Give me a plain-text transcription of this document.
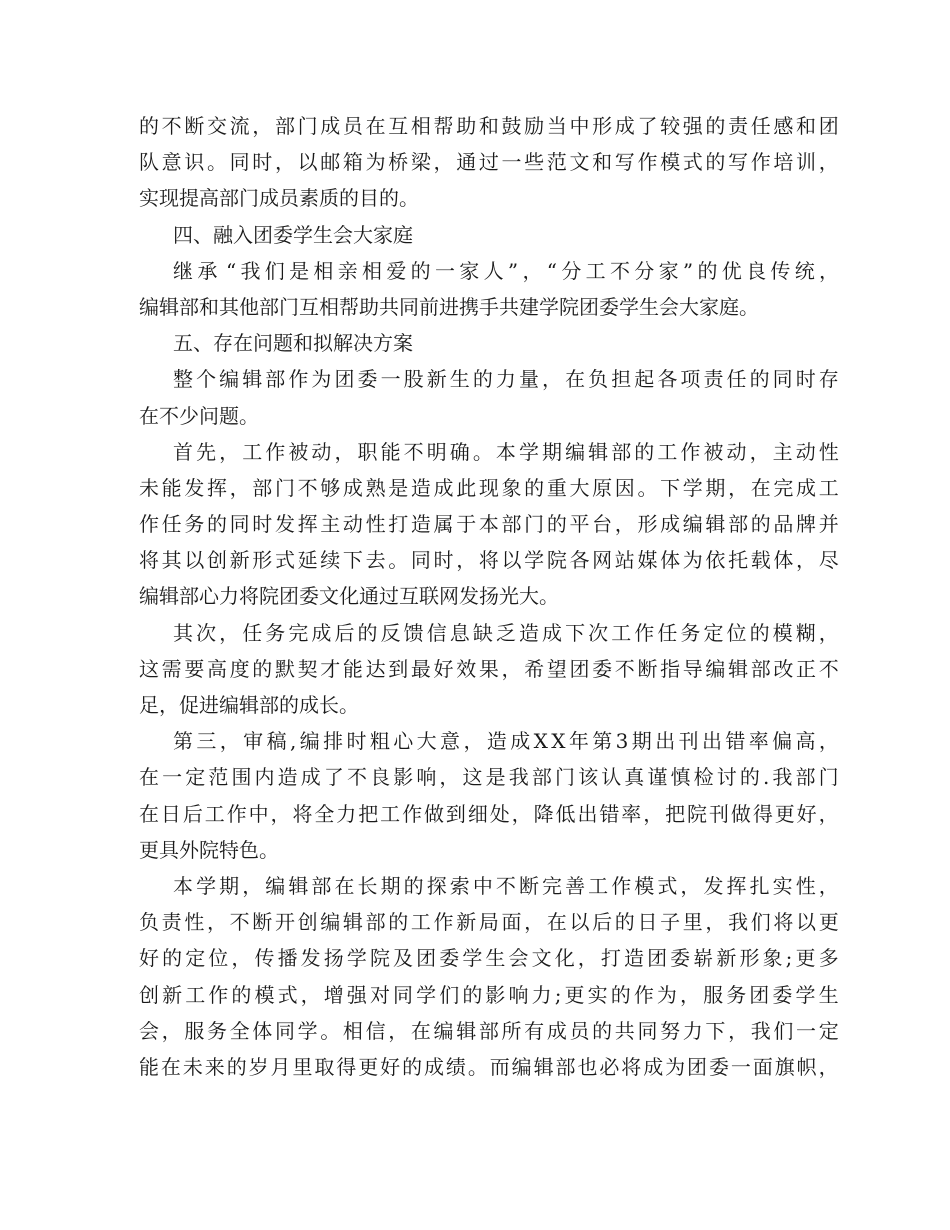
的 不 断 交 流 ， 部 门 成 员 在 互 相 帮 助 和 鼓 励 当 中 形 成 了 较 强 的 责 任 感 和 团
队 意 识 。 同 时 ， 以 邮 箱 为 桥 梁 ， 通 过 一 些 范 文 和 写 作 模 式 的 写 作 培 训 ，
实现提高部门成员素质的目的。
四、融入团委学生会大家庭
继 承 “ 我 们 是 相 亲 相 爱 的 一 家 人 ” ， “ 分 工 不 分 家 ” 的 优 良 传 统 ，
编辑部和其他部门互相帮助共同前进携手共建学院团委学生会大家庭。
五、存在问题和拟解决方案
整 个 编 辑 部 作 为 团 委 一 股 新 生 的 力 量 ， 在 负 担 起 各 项 责 任 的 同 时 存
在不少问题。
首 先 ， 工 作 被 动 ， 职 能 不 明 确 。 本 学 期 编 辑 部 的 工 作 被 动 ， 主 动 性
未 能 发 挥 ， 部 门 不 够 成 熟 是 造 成 此 现 象 的 重 大 原 因 。 下 学 期 ， 在 完 成 工
作 任 务 的 同 时 发 挥 主 动 性 打 造 属 于 本 部 门 的 平 台 ， 形 成 编 辑 部 的 品 牌 并
将 其 以 创 新 形 式 延 续 下 去 。 同 时 ， 将 以 学 院 各 网 站 媒 体 为 依 托 载 体 ， 尽
编辑部心力将院团委文化通过互联网发扬光大。
其 次 ， 任 务 完 成 后 的 反 馈 信 息 缺 乏 造 成 下 次 工 作 任 务 定 位 的 模 糊 ，
这 需 要 高 度 的 默 契 才 能 达 到 最 好 效 果 ， 希 望 团 委 不 断 指 导 编 辑 部 改 正 不
足，促进编辑部的成长。
第 三 ， 审 稿 , 编 排 时 粗 心 大 意 ， 造 成 X X 年 第 3 期 出 刊 出 错 率 偏 高 ，
在 一 定 范 围 内 造 成 了 不 良 影 响 ， 这 是 我 部 门 该 认 真 谨 慎 检 讨 的 . 我 部 门
在 日 后 工 作 中 ， 将 全 力 把 工 作 做 到 细 处 ， 降 低 出 错 率 ， 把 院 刊 做 得 更 好 ，
更具外院特色。
本 学 期 ， 编 辑 部 在 长 期 的 探 索 中 不 断 完 善 工 作 模 式 ， 发 挥 扎 实 性 ，
负 责 性 ， 不 断 开 创 编 辑 部 的 工 作 新 局 面 ， 在 以 后 的 日 子 里 ， 我 们 将 以 更
好 的 定 位 ， 传 播 发 扬 学 院 及 团 委 学 生 会 文 化 ， 打 造 团 委 崭 新 形 象 ; 更 多
创 新 工 作 的 模 式 ， 增 强 对 同 学 们 的 影 响 力 ; 更 实 的 作 为 ， 服 务 团 委 学 生
会 ， 服 务 全 体 同 学 。 相 信 ， 在 编 辑 部 所 有 成 员 的 共 同 努 力 下 ， 我 们 一 定
能 在 未 来 的 岁 月 里 取 得 更 好 的 成 绩 。 而 编 辑 部 也 必 将 成 为 团 委 一 面 旗 帜 ，
